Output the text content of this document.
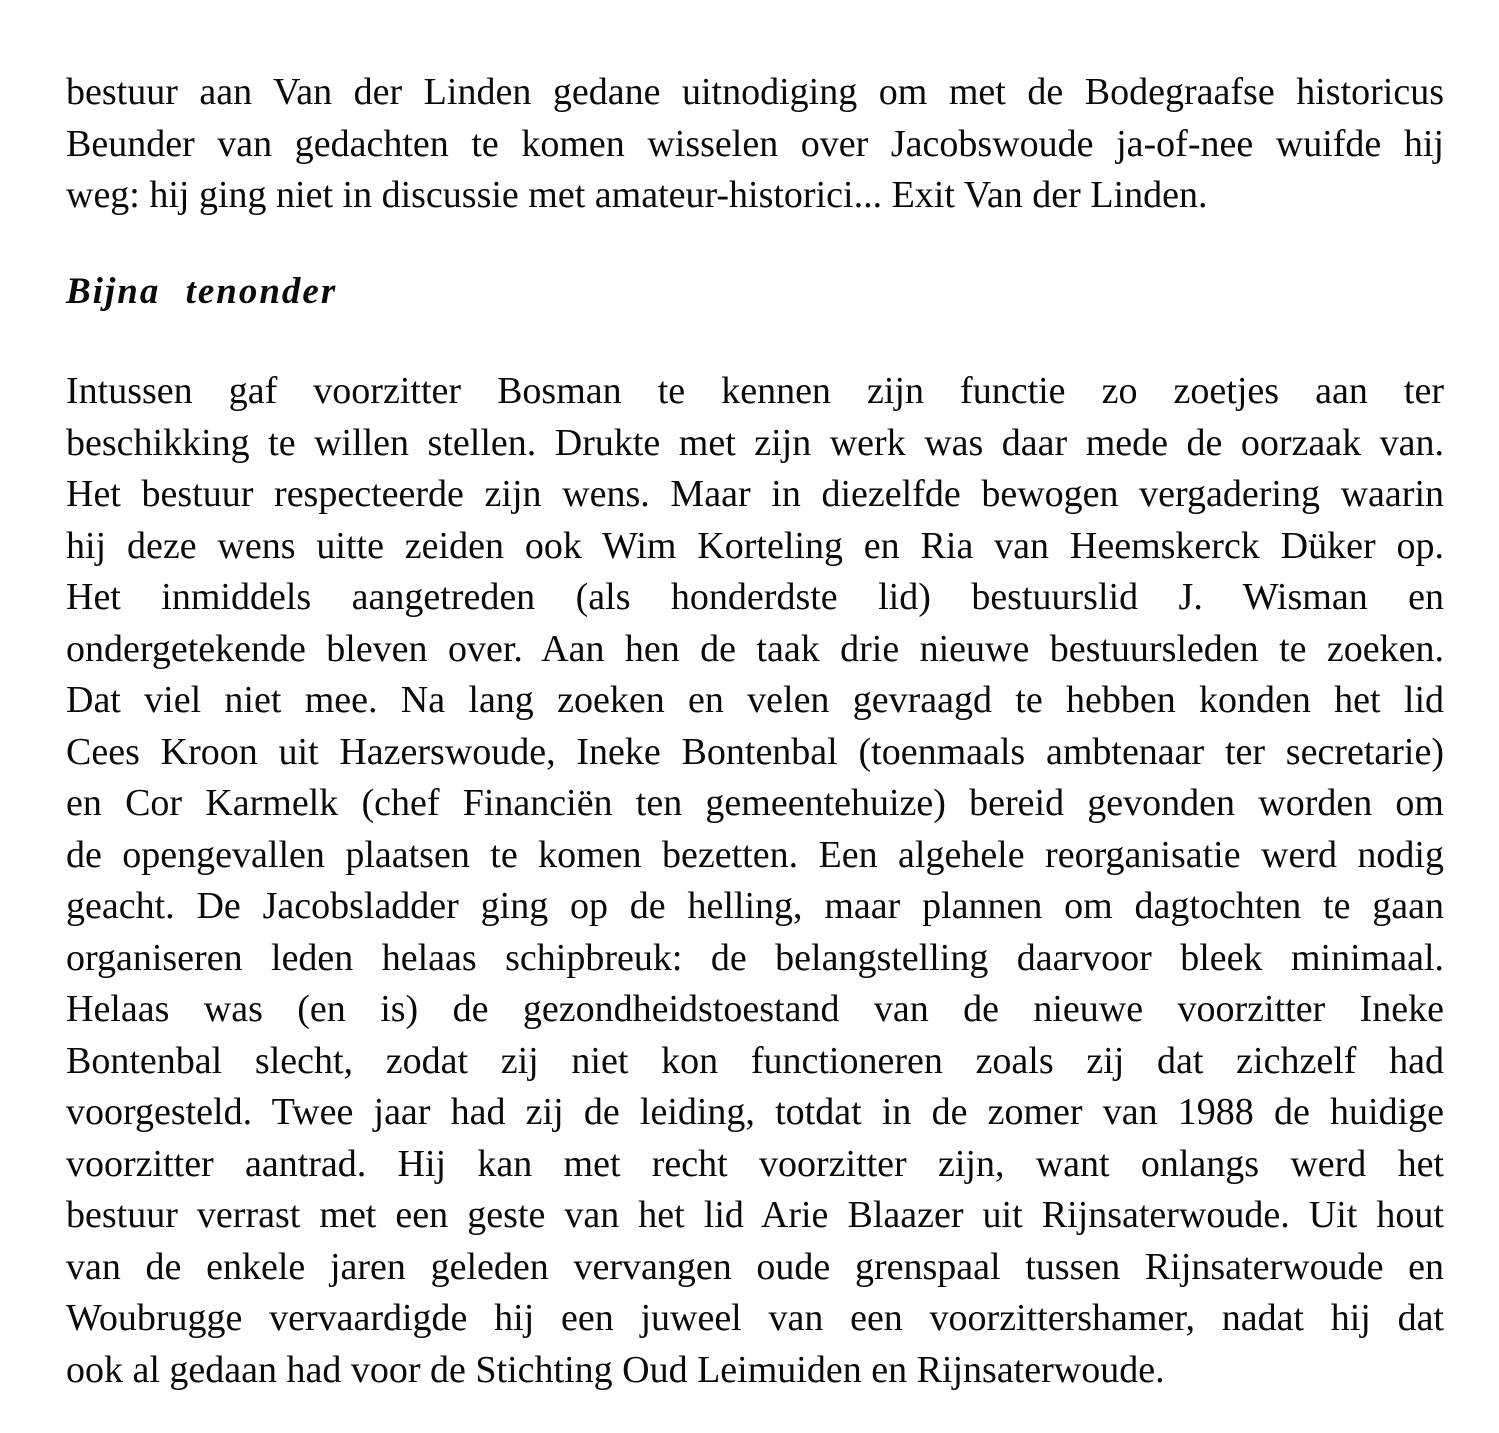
bestuur aan Van der Linden gedane uitnodiging om met de Bodegraafse historicus
Beunder van gedachten te komen wisselen over Jacobswoude ja-of-nee wuifde hij
weg: hij ging niet in discussie met amateur-historici... Exit Van der Linden.
Bijna tenonder
Intussen gaf voorzitter Bosman te kennen zijn functie zo zoetjes aan ter
beschikking te willen stellen. Drukte met zijn werk was daar mede de oorzaak van.
Het bestuur respecteerde zijn wens. Maar in diezelfde bewogen vergadering waarin
hij deze wens uitte zeiden ook Wim Korteling en Ria van Heemskerck Düker op.
Het inmiddels aangetreden (als honderdste lid) bestuurslid J. Wisman en
ondergetekende bleven over. Aan hen de taak drie nieuwe bestuursleden te zoeken.
Dat viel niet mee. Na lang zoeken en velen gevraagd te hebben konden het lid
Cees Kroon uit Hazerswoude, Ineke Bontenbal (toenmaals ambtenaar ter secretarie)
en Cor Karmelk (chef Financiën ten gemeentehuize) bereid gevonden worden om
de opengevallen plaatsen te komen bezetten. Een algehele reorganisatie werd nodig
geacht. De Jacobsladder ging op de helling, maar plannen om dagtochten te gaan
organiseren leden helaas schipbreuk: de belangstelling daarvoor bleek minimaal.
Helaas was (en is) de gezondheidstoestand van de nieuwe voorzitter Ineke
Bontenbal slecht, zodat zij niet kon functioneren zoals zij dat zichzelf had
voorgesteld. Twee jaar had zij de leiding, totdat in de zomer van 1988 de huidige
voorzitter aantrad. Hij kan met recht voorzitter zijn, want onlangs werd het
bestuur verrast met een geste van het lid Arie Blaazer uit Rijnsaterwoude. Uit hout
van de enkele jaren geleden vervangen oude grenspaal tussen Rijnsaterwoude en
Woubrugge vervaardigde hij een juweel van een voorzittershamer, nadat hij dat
ook al gedaan had voor de Stichting Oud Leimuiden en Rijnsaterwoude.
